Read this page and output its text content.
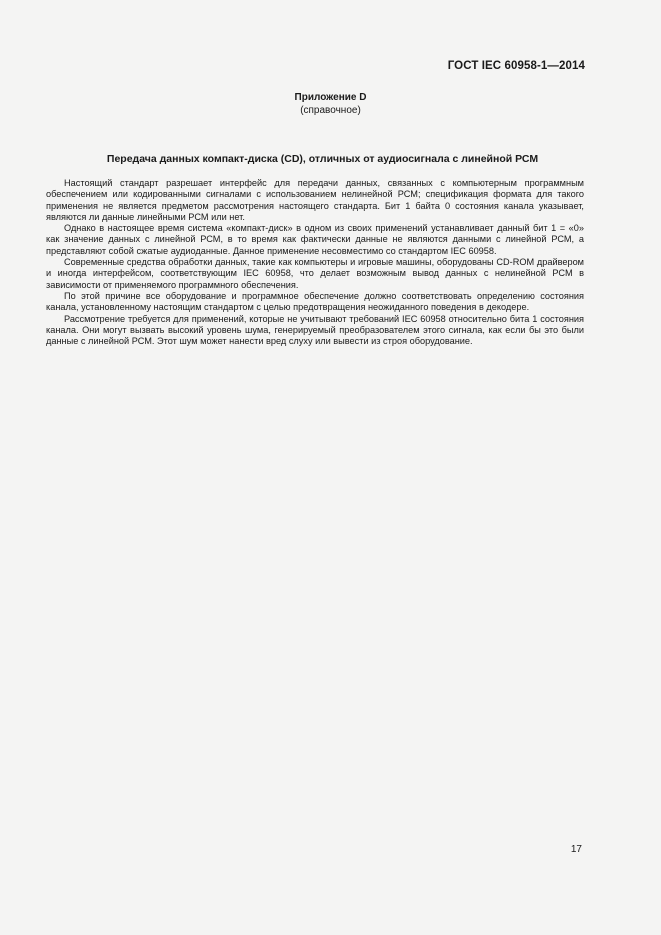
ГОСТ IEC 60958-1—2014
Приложение D
(справочное)
Передача данных компакт-диска (CD), отличных от аудиосигнала с линейной РСМ

Настоящий стандарт разрешает интерфейс для передачи данных, связанных с компьютерным программным обеспечением или кодированными сигналами с использованием нелинейной РСМ; спецификация формата для такого применения не является предметом рассмотрения настоящего стандарта. Бит 1 байта 0 состояния канала указывает, являются ли данные линейными РСМ или нет.

Однако в настоящее время система «компакт-диск» в одном из своих применений устанавливает данный бит 1 = «0» как значение данных с линейной РСМ, в то время как фактически данные не являются данными с линейной РСМ, а представляют собой сжатые аудиоданные. Данное применение несовместимо со стандартом IEC 60958.

Современные средства обработки данных, такие как компьютеры и игровые машины, оборудованы CD-ROM драйвером и иногда интерфейсом, соответствующим IEC 60958, что делает возможным вывод данных с нелинейной РСМ в зависимости от применяемого программного обеспечения.

По этой причине все оборудование и программное обеспечение должно соответствовать определению состояния канала, установленному настоящим стандартом с целью предотвращения неожиданного поведения в декодере.

Рассмотрение требуется для применений, которые не учитывают требований IEC 60958 относительно бита 1 состояния канала. Они могут вызвать высокий уровень шума, генерируемый преобразователем этого сигнала, как если бы это были данные с линейной РСМ. Этот шум может нанести вред слуху или вывести из строя оборудование.

17
